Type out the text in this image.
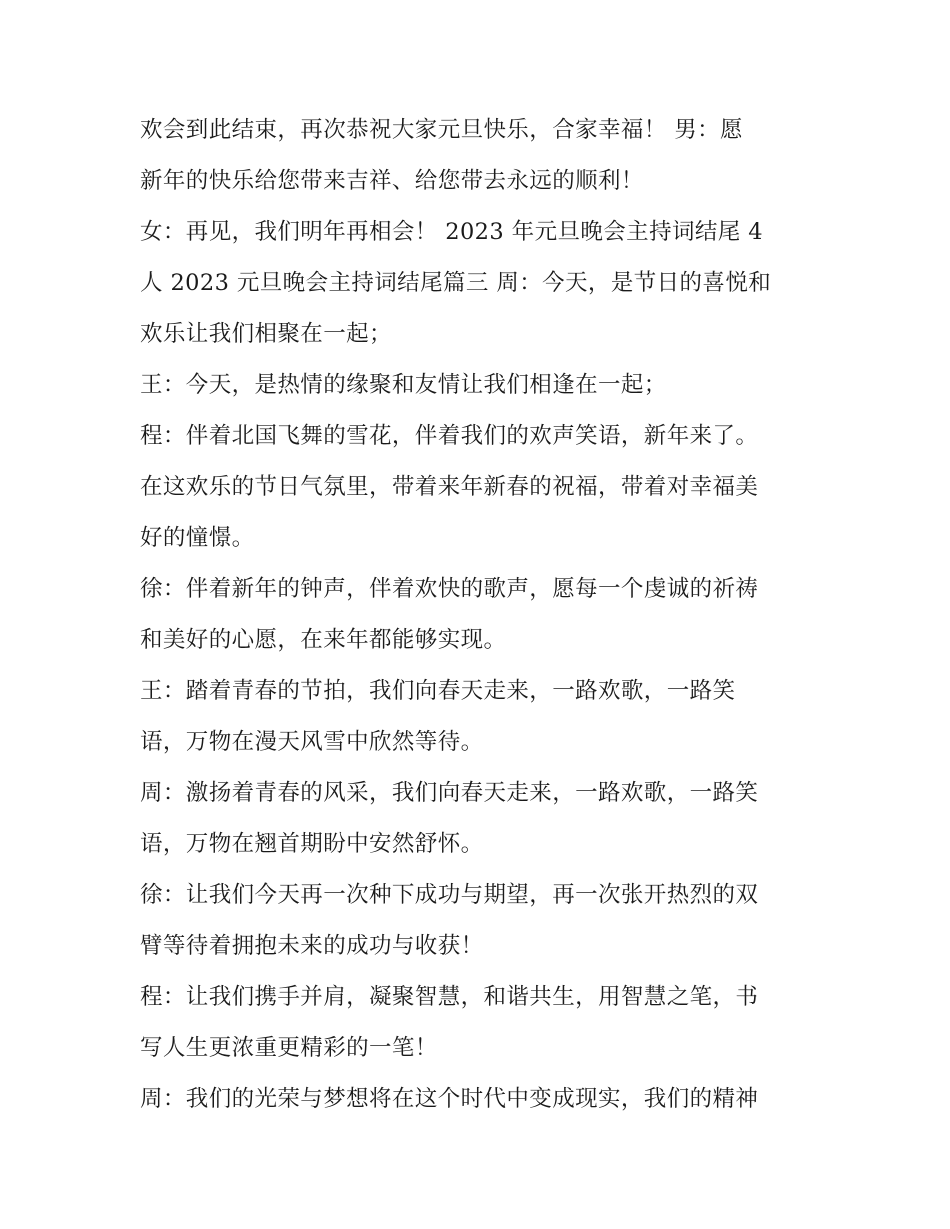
欢会到此结束，再次恭祝大家元旦快乐，合家幸福！ 男：愿
新年的快乐给您带来吉祥、给您带去永远的顺利！
女：再见，我们明年再相会！ 2023 年元旦晚会主持词结尾 4
人 2023 元旦晚会主持词结尾篇三 周：今天，是节日的喜悦和
欢乐让我们相聚在一起；
王：今天，是热情的缘聚和友情让我们相逢在一起；
程：伴着北国飞舞的雪花，伴着我们的欢声笑语，新年来了。
在这欢乐的节日气氛里，带着来年新春的祝福，带着对幸福美
好的憧憬。
徐：伴着新年的钟声，伴着欢快的歌声，愿每一个虔诚的祈祷
和美好的心愿，在来年都能够实现。
王：踏着青春的节拍，我们向春天走来，一路欢歌，一路笑
语，万物在漫天风雪中欣然等待。
周：激扬着青春的风采，我们向春天走来，一路欢歌，一路笑
语，万物在翘首期盼中安然舒怀。
徐：让我们今天再一次种下成功与期望，再一次张开热烈的双
臂等待着拥抱未来的成功与收获！
程：让我们携手并肩，凝聚智慧，和谐共生，用智慧之笔，书
写人生更浓重更精彩的一笔！
周：我们的光荣与梦想将在这个时代中变成现实，我们的精神
